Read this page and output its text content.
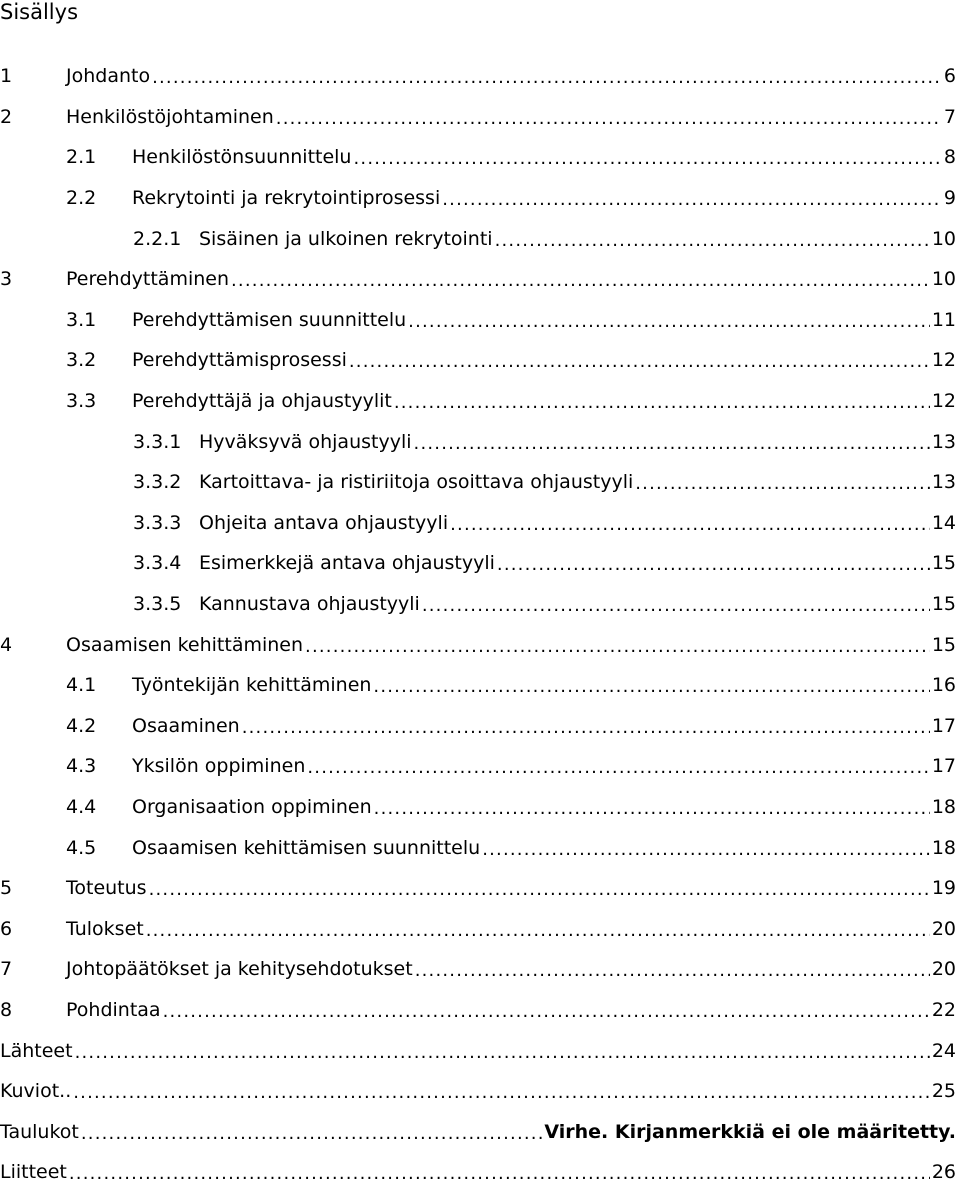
Sisällys
1	Johdanto .....	6
2	Henkilöstöjohtaminen .....	7
2.1	Henkilöstönsuunnittelu .....	8
2.2	Rekrytointi ja rekrytointiprosessi .....	9
2.2.1 Sisäinen ja ulkoinen rekrytointi .....	10
3	Perehdyttäminen .....	10
3.1	Perehdyttämisen suunnittelu .....	11
3.2	Perehdyttämisprosessi .....	12
3.3	Perehdyttäjä ja ohjaustyylit .....	12
3.3.1 Hyväksyvä ohjaustyyli .....	13
3.3.2 Kartoittava- ja ristiriitoja osoittava ohjaustyyli .....	13
3.3.3 Ohjeita antava ohjaustyyli .....	14
3.3.4 Esimerkkejä antava ohjaustyyli .....	15
3.3.5 Kannustava ohjaustyyli .....	15
4	Osaamisen kehittäminen .....	15
4.1	Työntekijän kehittäminen .....	16
4.2	Osaaminen .....	17
4.3	Yksilön oppiminen .....	17
4.4	Organisaation oppiminen .....	18
4.5	Osaamisen kehittämisen suunnittelu .....	18
5	Toteutus .....	19
6	Tulokset .....	20
7	Johtopäätökset ja kehitysehdotukset .....	20
8	Pohdintaa .....	22
Lähteet .....	24
Kuviot.. .....	25
Taulukot .....	Virhe. Kirjanmerkkiä ei ole määritetty.
Liitteet .....	26
